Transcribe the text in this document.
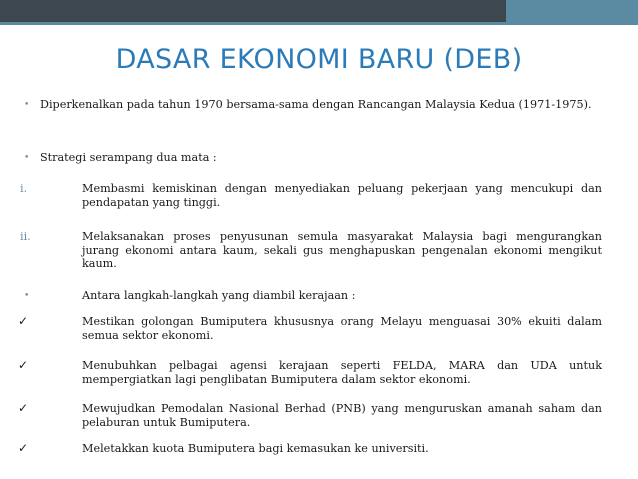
DASAR EKONOMI BARU (DEB)
• Diperkenalkan pada tahun 1970 bersama-sama dengan Rancangan Malaysia Kedua (1971-1975).
• Strategi serampang dua mata :
i.	Membasmi kemiskinan dengan menyediakan peluang pekerjaan yang mencukupi dan pendapatan yang tinggi.
ii.	Melaksanakan proses penyusunan semula masyarakat Malaysia bagi mengurangkan jurang ekonomi antara kaum, sekali gus menghapuskan pengenalan ekonomi mengikut kaum.
•	Antara langkah-langkah yang diambil kerajaan :
✓	Mestikan golongan Bumiputera khususnya orang Melayu menguasai 30% ekuiti dalam semua sektor ekonomi.
✓	Menubuhkan pelbagai agensi kerajaan seperti FELDA, MARA dan UDA untuk mempergiatkan lagi penglibatan Bumiputera dalam sektor ekonomi.
✓	Mewujudkan Pemodalan Nasional Berhad (PNB) yang menguruskan amanah saham dan pelaburan untuk Bumiputera.
✓	Meletakkan kuota Bumiputera bagi kemasukan ke universiti.
